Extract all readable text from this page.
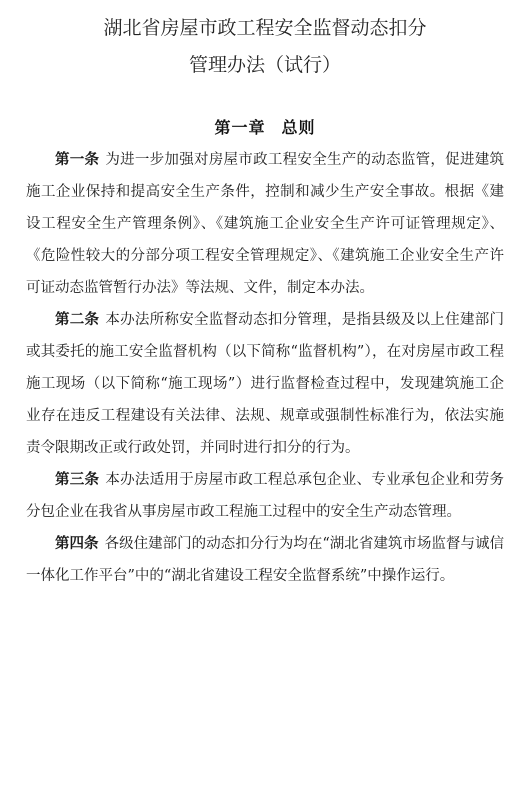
湖北省房屋市政工程安全监督动态扣分
管理办法（试行）
第一章 总则

第一条 为进一步加强对房屋市政工程安全生产的动态监管，促进建筑施工企业保持和提高安全生产条件，控制和减少生产安全事故。根据《建设工程安全生产管理条例》、《建筑施工企业安全生产许可证管理规定》、《危险性较大的分部分项工程安全管理规定》、《建筑施工企业安全生产许可证动态监管暂行办法》等法规、文件，制定本办法。

第二条 本办法所称安全监督动态扣分管理，是指县级及以上住建部门或其委托的施工安全监督机构（以下简称“监督机构”），在对房屋市政工程施工现场（以下简称“施工现场”）进行监督检查过程中，发现建筑施工企业存在违反工程建设有关法律、法规、规章或强制性标准行为，依法实施责令限期改正或行政处罚，并同时进行扣分的行为。

第三条 本办法适用于房屋市政工程总承包企业、专业承包企业和劳务分包企业在我省从事房屋市政工程施工过程中的安全生产动态管理。

第四条 各级住建部门的动态扣分行为均在“湖北省建筑市场监督与诚信一体化工作平台”中的“湖北省建设工程安全监督系统”中操作运行。
